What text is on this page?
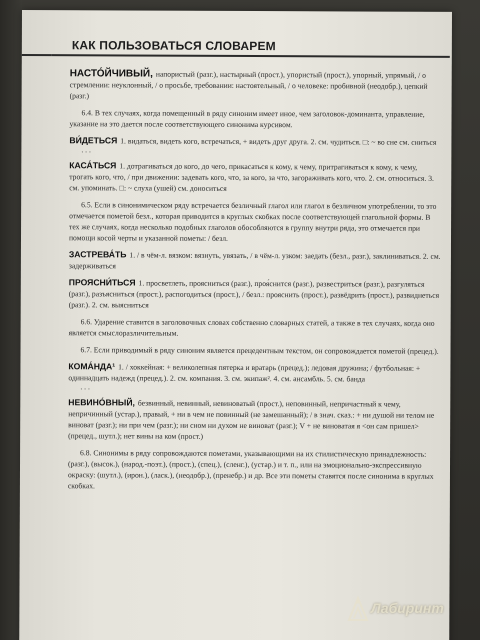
КАК ПОЛЬЗОВАТЬСЯ СЛОВАРЕМ
НАСТО́ЙЧИВЫЙ, напористый (разг.), настырный (прост.), упористый (прост.), упорный, упрямый, / о стремлении: неуклонный, / о просьбе, требовании: настоятельный, / о человеке: пробивной (неодобр.), цепкий (разг.)
6.4. В тех случаях, когда помещенный в ряду синоним имеет иное, чем заголовок-доминанта, управление, указание на это дается после соответствующего синонима курсивом.
ВИ́ДЕТЬСЯ 1. видаться, видеть кого, встречаться, + видеть друг друга. 2. см. чудиться. □: ~ во сне см. сниться
. . .
КАСА́ТЬСЯ 1. дотрагиваться до кого, до чего, прикасаться к кому, к чему, притрагиваться к кому, к чему, трогать кого, что, / при движении: задевать кого, что, за кого, за что, загораживать кого, что. 2. см. относиться. 3. см. упоминать. □: ~ слуха (ушей) см. доноситься
6.5. Если в синонимическом ряду встречается безличный глагол или глагол в безличном употреблении, то это отмечается пометой безл., которая приводится в круглых скобках после соответствующей глагольной формы. В тех же случаях, когда несколько подобных глаголов обособляются в группу внутри ряда, это отмечается при помощи косой черты и указанной пометы: / безл.
ЗАСТРЕВА́ТЬ 1. / в чём-л. вязком: вязнуть, увязать, / в чём-л. узком: заедать (безл., разг.), заклиниваться. 2. см. задерживаться
ПРОЯСНИ́ТЬСЯ 1. просветлеть, проясниться (разг.), проя́снится (разг.), развестриться (разг.), разгуляться (разг.), разъясниться (прост.), распогодиться (прост.), / безл.: прояснить (прост.), развёдрить (прост.), развиднеться (разг.). 2. см. выясниться
6.6. Ударение ставится в заголовочных словах собственно словарных статей, а также в тех случаях, когда оно является смыслоразличительным.
6.7. Если приводимый в ряду синоним является прецедентным текстом, он сопровождается пометой (прецед.).
КОМА́НДА¹ 1. / хоккейная: + великолепная пятерка и вратарь (прецед.); ледовая дружина; / футбольная: + одиннадцать надежд (прецед.). 2. см. компания. 3. см. экипаж². 4. см. ансамбль. 5. см. банда
. . .
НЕВИНО́ВНЫЙ, безвинный, невинный, невиноватый (прост.), неповинный, непричастный к чему, непричинный (устар.), правый, + ни в чем не повинный (не замешанный); / в знач. сказ.: + ни душой ни телом не виноват (разг.); ни при чем (разг.); ни сном ни духом не виноват (разг.); V + не виноватая я <он сам пришел> (прецед., шутл.); нет вины на ком (прост.)
6.8. Синонимы в ряду сопровождаются пометами, указывающими на их стилистическую принадлежность: (разг.), (высок.), (народ.-поэт.), (прост.), (спец.), (сленг.), (устар.) и т. п., или на эмоционально-экспрессивную окраску: (шутл.), (ирон.), (ласк.), (неодобр.), (пренебр.) и др. Все эти пометы ставятся после синонима в круглых скобках.
Лабиринт
